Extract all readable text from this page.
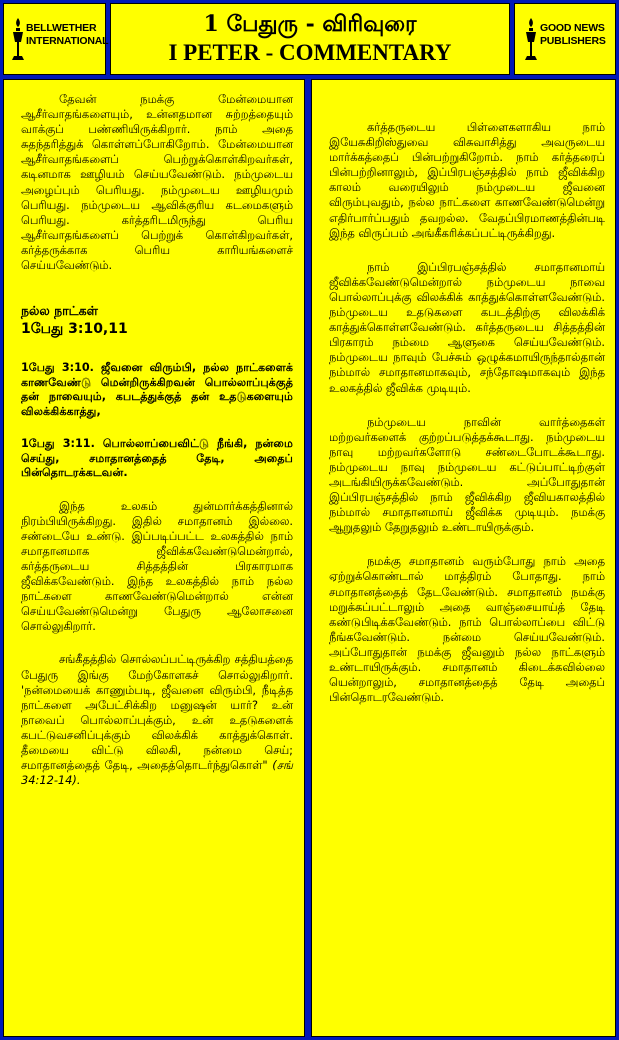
BELLWETHER
INTERNATIONAL
1 பேதுரு - விரிவுரை
I PETER - COMMENTARY
GOOD NEWS
PUBLISHERS

தேவன் நமக்கு மேன்மையான ஆசீர்வாதங்களையும், உன்னதமான சுற்றத்தையும் வாக்குப் பண்ணியிருக்கிறார். நாம் அதை சுதந்தரித்துக் கொள்ளப்போகிறோம். மேன்மையான ஆசீர்வாதங்களைப் பெற்றுக்கொள்கிறவர்கள், கடினமாக ஊழியம் செய்யவேண்டும். நம்முடைய அழைப்பும் பெரியது. நம்முடைய ஊழியமும் பெரியது. நம்முடைய ஆவிக்குரிய கடமைகளும் பெரியது. கர்த்தரிடமிருந்து பெரிய ஆசீர்வாதங்களைப் பெற்றுக் கொள்கிறவர்கள், கர்த்தருக்காக பெரிய காரியங்களைச் செய்யவேண்டும்.

நல்ல நாட்கள்
1பேது 3:10,11

1பேது 3:10. ஜீவனை விரும்பி, நல்ல நாட்களைக் காணவேண்டு மென்றிருக்கிறவன் பொல்லாப்புக்குத் தன் நாவையும், கபடத்துக்குத் தன் உதடுகளையும் விலக்கிக்காத்து,

1பேது 3:11. பொல்லாப்பைவிட்டு நீங்கி, நன்மை செய்து, சமாதானத்தைத் தேடி, அதைப் பின்தொடரக்கடவன்.

இந்த உலகம் துன்மார்க்கத்தினால் நிரம்பியிருக்கிறது. இதில் சமாதானம் இல்லை. சண்டையே உண்டு. இப்படிப்பட்ட உலகத்தில் நாம் சமாதானமாக ஜீவிக்கவேண்டுமென்றால், கர்த்தருடைய சித்தத்தின் பிரகாரமாக ஜீவிக்கவேண்டும். இந்த உலகத்தில் நாம் நல்ல நாட்களை காணவேண்டுமென்றால் என்ன செய்யவேண்டுமென்று பேதுரு ஆலோசனை சொல்லுகிறார்.

சங்கீதத்தில் சொல்லப்பட்டிருக்கிற சத்தியத்தை பேதுரு இங்கு மேற்கோளகச் சொல்லுகிறார். 'நன்மையைக் காணும்படி, ஜீவனை விரும்பி, நீடித்த நாட்களை அபேட்சிக்கிற மனுஷன் யார்? உன் நாவைப் பொல்லாப்புக்கும், உன் உதடுகளைக் கபட்டுவசனிப்புக்கும் விலக்கிக் காத்துக்கொள். தீமையை விட்டு விலகி, நன்மை செய்; சமாதானத்தைத் தேடி, அதைத்தொடர்ந்துகொள்" (சங் 34:12-14).

கர்த்தருடைய பிள்ளைகளாகிய நாம் இயேசுகிறிஸ்துவை விசுவாசித்து அவருடைய மார்க்கத்தைப் பின்பற்றுகிறோம். நாம் கர்த்தரைப் பின்பற்றினாலும், இப்பிரபஞ்சத்தில் நாம் ஜீவிக்கிற காலம் வரையிலும் நம்முடைய ஜீவனை விரும்புவதும், நல்ல நாட்களை காணவேண்டுமென்று எதிர்பார்ப்பதும் தவறல்ல. வேதப்பிரமாணத்தின்படி இந்த விருப்பம் அங்கீகரிக்கப்பட்டிருக்கிறது.

நாம் இப்பிரபஞ்சத்தில் சமாதானமாய் ஜீவிக்கவேண்டுமென்றால் நம்முடைய நாவை பொல்லாப்புக்கு விலக்கிக் காத்துக்கொள்ளவேண்டும். நம்முடைய உதடுகளை கபடத்திற்கு விலக்கிக் காத்துக்கொள்ளவேண்டும். கர்த்தருடைய சித்தத்தின் பிரகாரம் நம்மை ஆளுகை செய்யவேண்டும். நம்முடைய நாவும் பேச்சும் ஒழுக்கமாயிருந்தால்தான் நம்மால் சமாதானமாகவும், சந்தோஷமாகவும் இந்த உலகத்தில் ஜீவிக்க முடியும்.

நம்முடைய நாவின் வார்த்தைகள் மற்றவர்களைக் குற்றப்படுத்தக்கூடாது. நம்முடைய நாவு மற்றவர்களோடு சண்டைபோடக்கூடாது. நம்முடைய நாவு நம்முடைய கட்டுப்பாட்டிற்குள் அடங்கியிருக்கவேண்டும். அப்போதுதான் இப்பிரபஞ்சத்தில் நாம் ஜீவிக்கிற ஜீவியகாலத்தில் நம்மால் சமாதானமாய் ஜீவிக்க முடியும். நமக்கு ஆறுதலும் தேறுதலும் உண்டாயிருக்கும்.

நமக்கு சமாதானம் வரும்போது நாம் அதை ஏற்றுக்கொண்டால் மாத்திரம் போதாது. நாம் சமாதானத்தைத் தேடவேண்டும். சமாதானம் நமக்கு மறுக்கப்பட்டாலும் அதை வாஞ்சையாய்த் தேடி கண்டுபிடிக்கவேண்டும். நாம் பொல்லாப்பை விட்டு நீங்கவேண்டும். நன்மை செய்யவேண்டும். அப்போதுதான் நமக்கு ஜீவனும் நல்ல நாட்களும் உண்டாயிருக்கும். சமாதானம் கிடைக்கவில்லை யென்றாலும், சமாதானத்தைத் தேடி அதைப் பின்தொடரவேண்டும்.
